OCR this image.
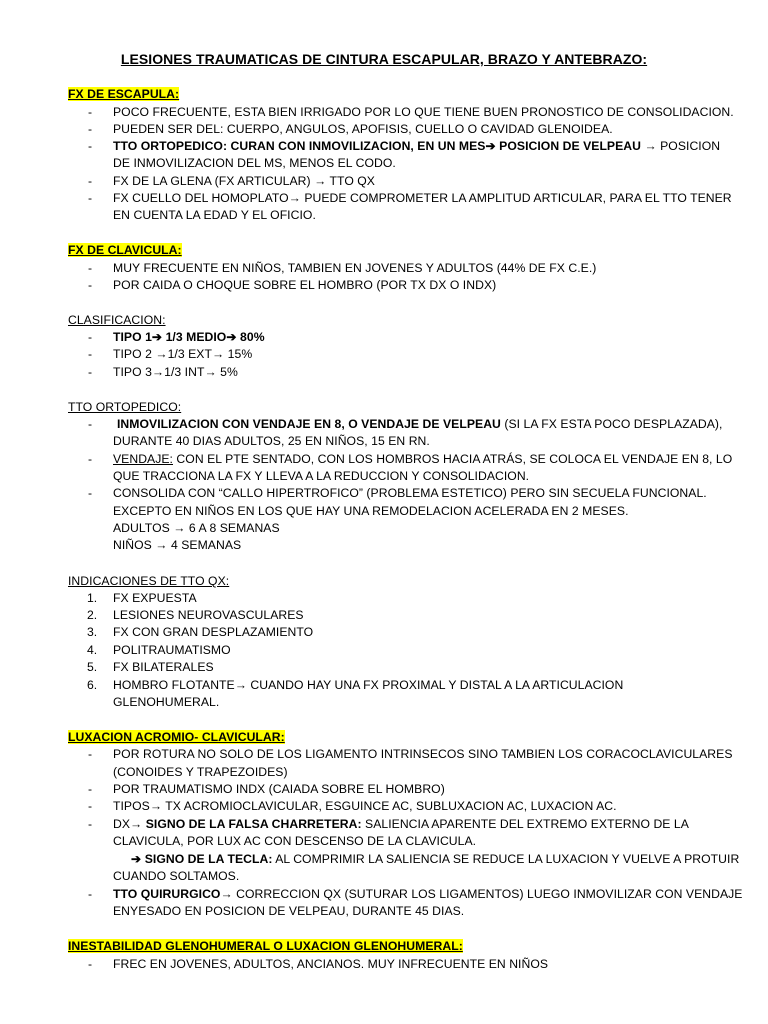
LESIONES TRAUMATICAS DE CINTURA ESCAPULAR, BRAZO Y ANTEBRAZO:
FX DE ESCAPULA:
- POCO FRECUENTE, ESTA BIEN IRRIGADO POR LO QUE TIENE BUEN PRONOSTICO DE CONSOLIDACION.
- PUEDEN SER DEL: CUERPO, ANGULOS, APOFISIS, CUELLO O CAVIDAD GLENOIDEA.
- TTO ORTOPEDICO: CURAN CON INMOVILIZACION, EN UN MES➔ POSICION DE VELPEAU → POSICION
DE INMOVILIZACION DEL MS, MENOS EL CODO.
- FX DE LA GLENA (FX ARTICULAR) → TTO QX
- FX CUELLO DEL HOMOPLATO→ PUEDE COMPROMETER LA AMPLITUD ARTICULAR, PARA EL TTO TENER
EN CUENTA LA EDAD Y EL OFICIO.
FX DE CLAVICULA:
- MUY FRECUENTE EN NIÑOS, TAMBIEN EN JOVENES Y ADULTOS (44% DE FX C.E.)
- POR CAIDA O CHOQUE SOBRE EL HOMBRO (POR TX DX O INDX)
CLASIFICACION:
- TIPO 1➔ 1/3 MEDIO➔ 80%
- TIPO 2 →1/3 EXT→ 15%
- TIPO 3→1/3 INT→ 5%
TTO ORTOPEDICO:
- INMOVILIZACION CON VENDAJE EN 8, O VENDAJE DE VELPEAU (SI LA FX ESTA POCO DESPLAZADA),
DURANTE 40 DIAS ADULTOS, 25 EN NIÑOS, 15 EN RN.
- VENDAJE: CON EL PTE SENTADO, CON LOS HOMBROS HACIA ATRÁS, SE COLOCA EL VENDAJE EN 8, LO
QUE TRACCIONA LA FX Y LLEVA A LA REDUCCION Y CONSOLIDACION.
- CONSOLIDA CON “CALLO HIPERTROFICO” (PROBLEMA ESTETICO) PERO SIN SECUELA FUNCIONAL.
EXCEPTO EN NIÑOS EN LOS QUE HAY UNA REMODELACION ACELERADA EN 2 MESES.
ADULTOS → 6 A 8 SEMANAS
NIÑOS → 4 SEMANAS
INDICACIONES DE TTO QX:
1. FX EXPUESTA
2. LESIONES NEUROVASCULARES
3. FX CON GRAN DESPLAZAMIENTO
4. POLITRAUMATISMO
5. FX BILATERALES
6. HOMBRO FLOTANTE→ CUANDO HAY UNA FX PROXIMAL Y DISTAL A LA ARTICULACION
GLENOHUMERAL.
LUXACION ACROMIO- CLAVICULAR:
- POR ROTURA NO SOLO DE LOS LIGAMENTO INTRINSECOS SINO TAMBIEN LOS CORACOCLAVICULARES
(CONOIDES Y TRAPEZOIDES)
- POR TRAUMATISMO INDX (CAIADA SOBRE EL HOMBRO)
- TIPOS→ TX ACROMIOCLAVICULAR, ESGUINCE AC, SUBLUXACION AC, LUXACION AC.
- DX→ SIGNO DE LA FALSA CHARRETERA: SALIENCIA APARENTE DEL EXTREMO EXTERNO DE LA
CLAVICULA, POR LUX AC CON DESCENSO DE LA CLAVICULA.
➔ SIGNO DE LA TECLA: AL COMPRIMIR LA SALIENCIA SE REDUCE LA LUXACION Y VUELVE A PROTUIR
CUANDO SOLTAMOS.
- TTO QUIRURGICO→ CORRECCION QX (SUTURAR LOS LIGAMENTOS) LUEGO INMOVILIZAR CON VENDAJE
ENYESADO EN POSICION DE VELPEAU, DURANTE 45 DIAS.
INESTABILIDAD GLENOHUMERAL O LUXACION GLENOHUMERAL:
- FREC EN JOVENES, ADULTOS, ANCIANOS. MUY INFRECUENTE EN NIÑOS
